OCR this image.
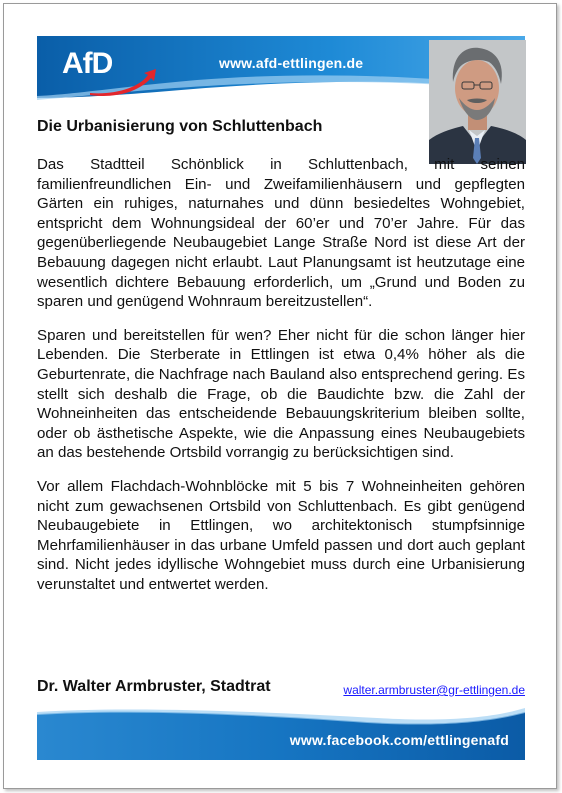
www.afd-ettlingen.de
AfD
Die Urbanisierung von Schluttenbach

Das Stadtteil Schönblick in Schluttenbach, mit seinen familienfreundlichen Ein- und Zweifamilienhäusern und gepflegten Gärten ein ruhiges, naturnahes und dünn besiedeltes Wohngebiet, entspricht dem Wohnungsideal der 60’er und 70’er Jahre. Für das gegenüberliegende Neubaugebiet Lange Straße Nord ist diese Art der Bebauung dagegen nicht erlaubt. Laut Planungsamt ist heutzutage eine wesentlich dichtere Bebauung erforderlich, um „Grund und Boden zu sparen und genügend Wohnraum bereitzustellen“.

Sparen und bereitstellen für wen? Eher nicht für die schon länger hier Lebenden. Die Sterberate in Ettlingen ist etwa 0,4% höher als die Geburtenrate, die Nachfrage nach Bauland also entsprechend gering. Es stellt sich deshalb die Frage, ob die Baudichte bzw. die Zahl der Wohneinheiten das entscheidende Bebauungskriterium bleiben sollte, oder ob ästhetische Aspekte, wie die Anpassung eines Neubaugebiets an das bestehende Ortsbild vorrangig zu berücksichtigen sind.

Vor allem Flachdach-Wohnblöcke mit 5 bis 7 Wohneinheiten gehören nicht zum gewachsenen Ortsbild von Schluttenbach. Es gibt genügend Neubaugebiete in Ettlingen, wo architektonisch stumpfsinnige Mehrfamilienhäuser in das urbane Umfeld passen und dort auch geplant sind. Nicht jedes idyllische Wohngebiet muss durch eine Urbanisierung verunstaltet und entwertet werden.

Dr. Walter Armbruster, Stadtrat	walter.armbruster@gr-ettlingen.de
www.facebook.com/ettlingenafd
